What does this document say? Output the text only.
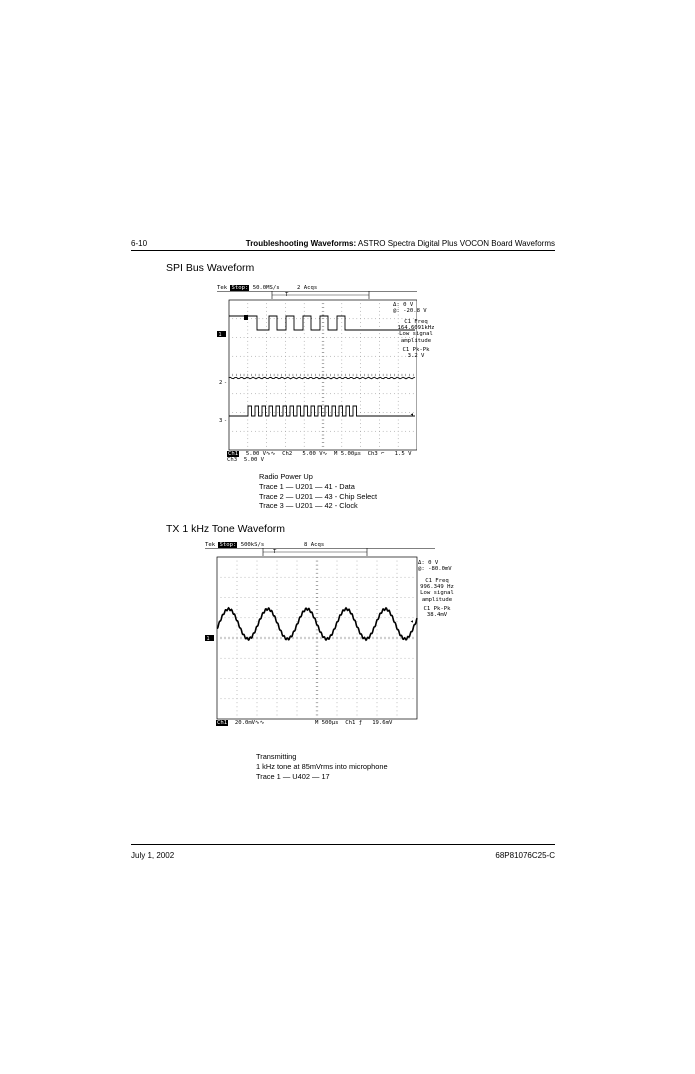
6-10	Troubleshooting Waveforms: ASTRO Spectra Digital Plus VOCON Board Waveforms
SPI Bus Waveform
Tek Stop: 50.0MS/s	2 Acqs
T
1
2
3
-
-
◂
Δ: 0 V
@: -20.8 V
C1 Freq
164.6091kHz
Low signal
amplitude
C1 Pk-Pk
3.2 V
Ch1  5.00 V∿∿  Ch2   5.00 V∿  M 5.00µs  Ch3 ⌐   1.5 V
Ch3  5.00 V
Radio Power Up
Trace 1 — U201 — 41 - Data
Trace 2 — U201 — 43 - Chip Select
Trace 3 — U201 — 42 - Clock
TX 1 kHz Tone Waveform
Tek Stop: 500kS/s	8 Acqs
T
1
◂
Δ: 0 V
@: -80.0mV
C1 Freq
996.349 Hz
Low signal
amplitude
C1 Pk-Pk
38.4mV
Ch1  20.0mV∿∿               M 500µs  Ch1 ƒ   19.6mV
Transmitting
1 kHz tone at 85mVrms into microphone
Trace 1 — U402 — 17
July 1, 2002	68P81076C25-C
